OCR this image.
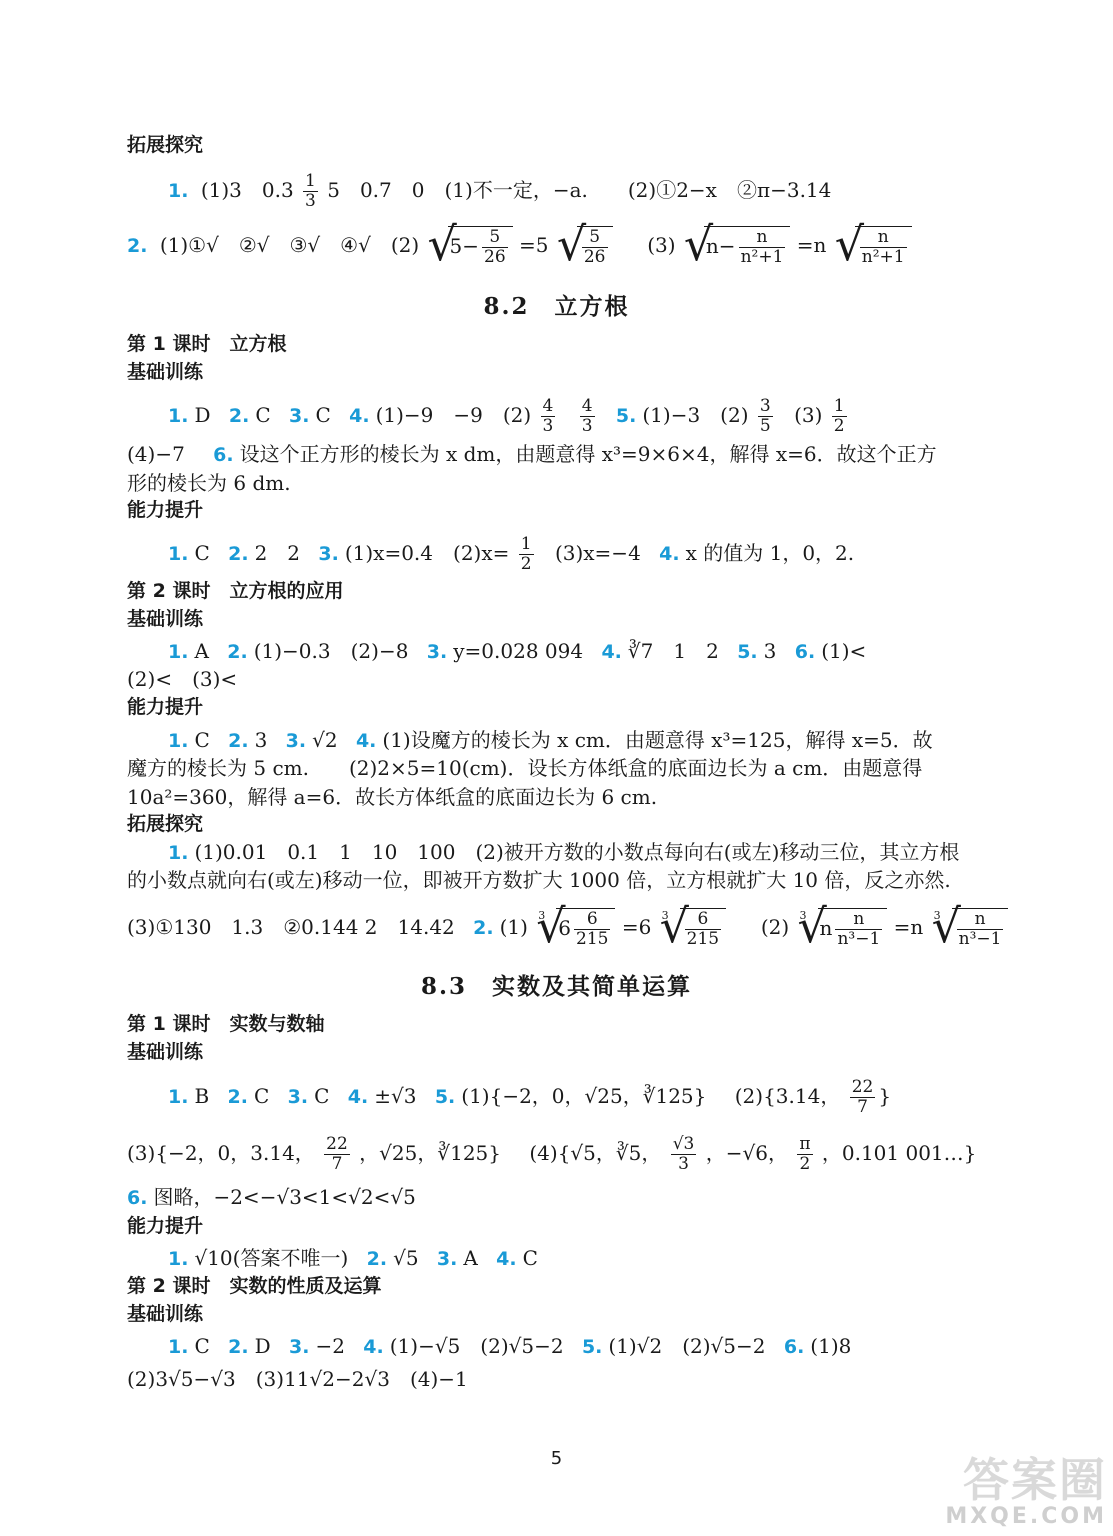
拓展探究
1. (1)3　$0.3 \frac{1}{3} 5$　0.7　0　(1)不一定，−a.　　(2)①2−x　②π−3.14
2. (1)①√　②√　③√　④√　(2) √ $5- \frac{5}{26} =5$ √ $\frac{5}{26} (3)$ √ $n- \frac{n}{\text{n²+1}} =n$ √ $\frac{n}{\text{n²+1}}$
8.2　立方根
第 1 课时　立方根
基础训练
1. D 2. C 3. C 4. (1)−9　−9　$(2) \frac{4}{3}$
$\frac{4}{3} 5$. (1)−3　$(2) \frac{3}{5} (3) \frac{1}{2}$
(4)−7 6. 设这个正方形的棱长为 x dm，由题意得 x³=9×6×4，解得 x=6．故这个正方
形的棱长为 6 dm.
能力提升
1. C 2. 2　2 3. (1)x=0.4　$(2)x= \frac{1}{2} (3)x=-4$ 4. x 的值为 1，0，2.
第 2 课时　立方根的应用
基础训练
1. A 2. (1)−0.3　(2)−8 3. y=0.028 094 4. ∛7　1　2 5. 3 6. (1)<
(2)<　(3)<
能力提升
1. C 2. 3 3. √2 4. (1)设魔方的棱长为 x cm．由题意得 x³=125，解得 x=5．故
魔方的棱长为 5 cm.　　(2)2×5=10(cm)．设长方体纸盒的底面边长为 a cm．由题意得
10a²=360，解得 a=6．故长方体纸盒的底面边长为 6 cm.
拓展探究
1. (1)0.01　0.1　1　10　100　(2)被开方数的小数点每向右(或左)移动三位，其立方根
的小数点就向右(或左)移动一位，即被开方数扩大 1000 倍，立方根就扩大 10 倍，反之亦然.
(3)①130　1.3　②0.144 2　14.42 2. (1) √ 3
$6 \frac{6}{215} =6$ √ $3 \frac{6}{215} (2)$ √ 3
n $\frac{n}{\text{n³−1}} =n$ √ $3 \frac{n}{\text{n³−1}}$
8.3　实数及其简单运算
第 1 课时　实数与数轴
基础训练
1. B 2. C 3. C 4. ±√3 5. (1){−2，0，√25，∛125} (2){3.14， $\frac{22}{7}$ }
(3){−2，0，3.14， $\frac{22}{7}$ ，√25，∛125} (4){√5，∛5， $\frac{√3}{3}$ ，−√6， $\frac{\pi}{2}$ ，0.101 001…}
6. 图略，−2<−√3<1<√2<√5
能力提升
1. √10(答案不唯一) 2. √5 3. A 4. C
第 2 课时　实数的性质及运算
基础训练
1. C 2. D 3. −2 4. (1)−√5　(2)√5−2 5. (1)√2　(2)√5−2 6. (1)8
(2)3√5−√3　(3)11√2−2√3　(4)−1
5	答案圈
MXQE.COM
